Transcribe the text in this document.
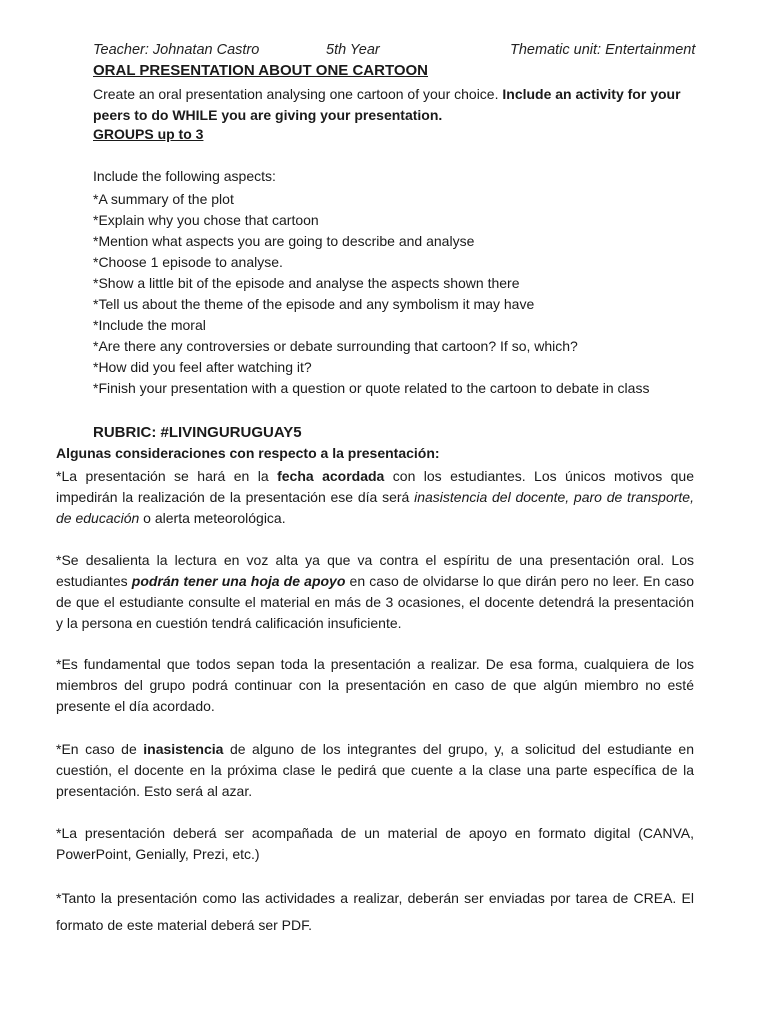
Teacher: Johnatan Castro	5th Year	Thematic unit: Entertainment
ORAL PRESENTATION ABOUT ONE CARTOON
Create an oral presentation analysing one cartoon of your choice. Include an activity for your peers to do WHILE you are giving your presentation.
GROUPS up to 3
Include the following aspects:
*A summary of the plot
*Explain why you chose that cartoon
*Mention what aspects you are going to describe and analyse
*Choose 1 episode to analyse.
*Show a little bit of the episode and analyse the aspects shown there
*Tell us about the theme of the episode and any symbolism it may have
*Include the moral
*Are there any controversies or debate surrounding that cartoon? If so, which?
*How did you feel after watching it?
*Finish your presentation with a question or quote related to the cartoon to debate in class
RUBRIC: #LIVINGURUGUAY5
Algunas consideraciones con respecto a la presentación:
*La presentación se hará en la fecha acordada con los estudiantes. Los únicos motivos que impedirán la realización de la presentación ese día será inasistencia del docente, paro de transporte, de educación o alerta meteorológica.
*Se desalienta la lectura en voz alta ya que va contra el espíritu de una presentación oral. Los estudiantes podrán tener una hoja de apoyo en caso de olvidarse lo que dirán pero no leer. En caso de que el estudiante consulte el material en más de 3 ocasiones, el docente detendrá la presentación y la persona en cuestión tendrá calificación insuficiente.
*Es fundamental que todos sepan toda la presentación a realizar. De esa forma, cualquiera de los miembros del grupo podrá continuar con la presentación en caso de que algún miembro no esté presente el día acordado.
*En caso de inasistencia de alguno de los integrantes del grupo, y, a solicitud del estudiante en cuestión, el docente en la próxima clase le pedirá que cuente a la clase una parte específica de la presentación. Esto será al azar.
*La presentación deberá ser acompañada de un material de apoyo en formato digital (CANVA, PowerPoint, Genially, Prezi, etc.)
*Tanto la presentación como las actividades a realizar, deberán ser enviadas por tarea de CREA. El formato de este material deberá ser PDF.
